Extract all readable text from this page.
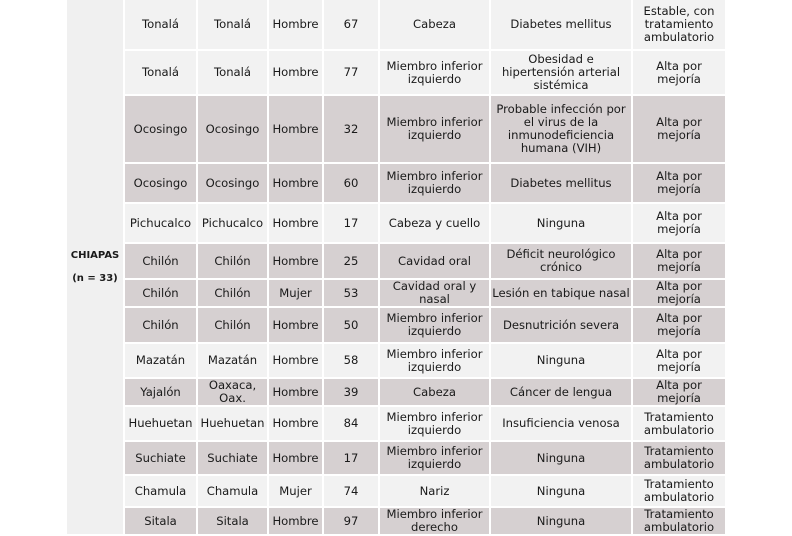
CHIAPAS
(n = 33)	Tonalá	Tonalá	Hombre	67	Cabeza	Diabetes mellitus	Estable, con tratamiento ambulatorio
	Tonalá	Tonalá	Hombre	77	Miembro inferior izquierdo	Obesidad e hipertensión arterial sistémica	Alta por mejoría
	Ocosingo	Ocosingo	Hombre	32	Miembro inferior izquierdo	Probable infección por el virus de la inmunodeficiencia humana (VIH)	Alta por mejoría
	Ocosingo	Ocosingo	Hombre	60	Miembro inferior izquierdo	Diabetes mellitus	Alta por mejoría
	Pichucalco	Pichucalco	Hombre	17	Cabeza y cuello	Ninguna	Alta por mejoría
	Chilón	Chilón	Hombre	25	Cavidad oral	Déficit neurológico crónico	Alta por mejoría
	Chilón	Chilón	Mujer	53	Cavidad oral y nasal	Lesión en tabique nasal	Alta por mejoría
	Chilón	Chilón	Hombre	50	Miembro inferior izquierdo	Desnutrición severa	Alta por mejoría
	Mazatán	Mazatán	Hombre	58	Miembro inferior izquierdo	Ninguna	Alta por mejoría
	Yajalón	Oaxaca, Oax.	Hombre	39	Cabeza	Cáncer de lengua	Alta por mejoría
	Huehuetan	Huehuetan	Hombre	84	Miembro inferior izquierdo	Insuficiencia venosa	Tratamiento ambulatorio
	Suchiate	Suchiate	Hombre	17	Miembro inferior izquierdo	Ninguna	Tratamiento ambulatorio
	Chamula	Chamula	Mujer	74	Nariz	Ninguna	Tratamiento ambulatorio
	Sitala	Sitala	Hombre	97	Miembro inferior derecho	Ninguna	Tratamiento ambulatorio
